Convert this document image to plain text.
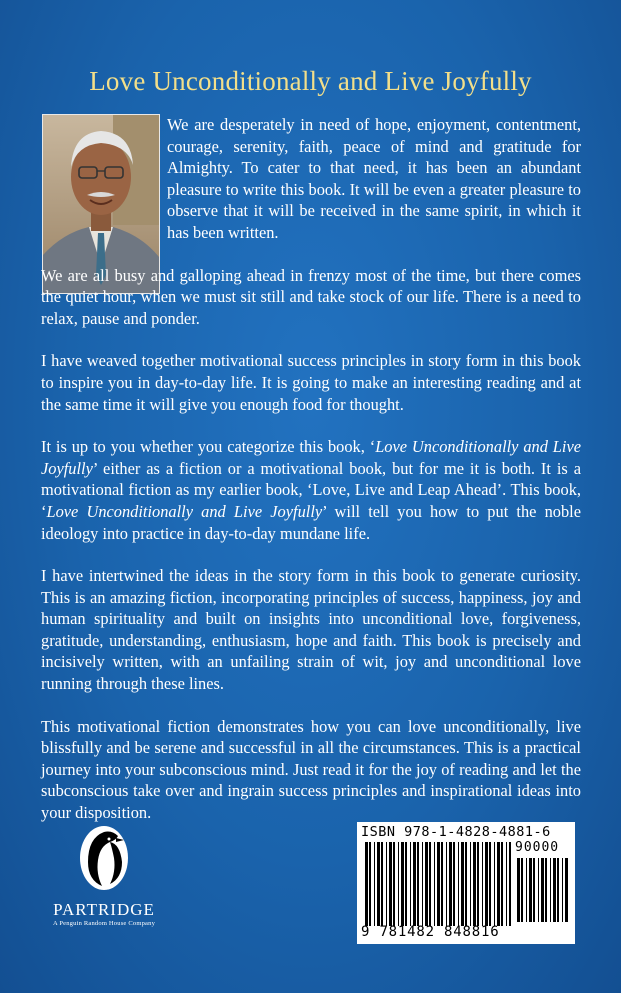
Love Unconditionally and Live Joyfully

We are desperately in need of hope, enjoyment, contentment, courage, serenity, faith, peace of mind and gratitude for Almighty. To cater to that need, it has been an abundant pleasure to write this book. It will be even a greater pleasure to observe that it will be received in the same spirit, in which it has been written.

We are all busy and galloping ahead in frenzy most of the time, but there comes the quiet hour, when we must sit still and take stock of our life. There is a need to relax, pause and ponder.

I have weaved together motivational success principles in story form in this book to inspire you in day-to-day life. It is going to make an interesting reading and at the same time it will give you enough food for thought.

It is up to you whether you categorize this book, ‘Love Unconditionally and Live Joyfully’ either as a fiction or a motivational book, but for me it is both. It is a motivational fiction as my earlier book, ‘Love, Live and Leap Ahead’. This book, ‘Love Unconditionally and Live Joyfully’ will tell you how to put the noble ideology into practice in day-to-day mundane life.

I have intertwined the ideas in the story form in this book to generate curiosity. This is an amazing fiction, incorporating principles of success, happiness, joy and human spirituality and built on insights into unconditional love, forgiveness, gratitude, understanding, enthusiasm, hope and faith. This book is precisely and incisively written, with an unfailing strain of wit, joy and unconditional love running through these lines.

This motivational fiction demonstrates how you can love unconditionally, live blissfully and be serene and successful in all the circumstances. This is a practical journey into your subconscious mind. Just read it for the joy of reading and let the subconscious take over and ingrain success principles and inspirational ideas into your disposition.

PARTRIDGE
A Penguin Random House Company
ISBN 978-1-4828-4881-6
90000
9 781482 848816
